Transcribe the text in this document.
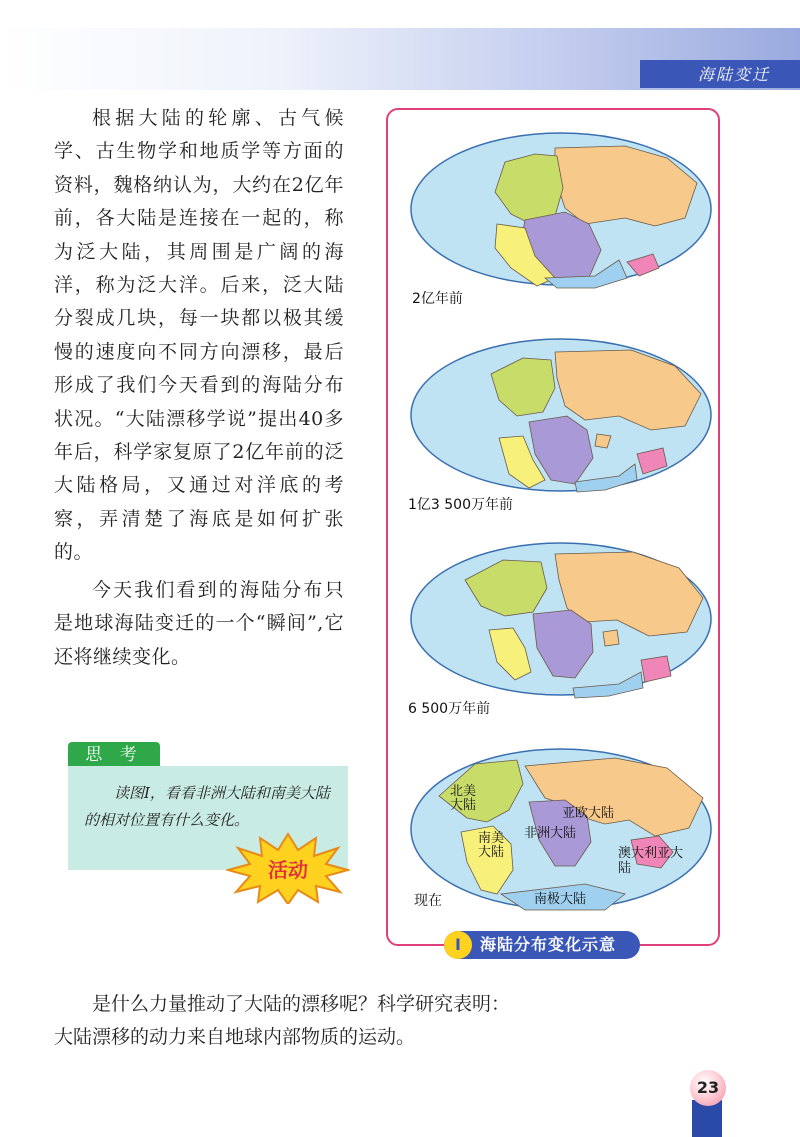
海陆变迁

根据大陆的轮廓、古气候学、古生物学和地质学等方面的资料，魏格纳认为，大约在2亿年前，各大陆是连接在一起的，称为泛大陆，其周围是广阔的海洋，称为泛大洋。后来，泛大陆分裂成几块，每一块都以极其缓慢的速度向不同方向漂移，最后形成了我们今天看到的海陆分布状况。“大陆漂移学说”提出40多年后，科学家复原了2亿年前的泛大陆格局，又通过对洋底的考察，弄清楚了海底是如何扩张的。

今天我们看到的海陆分布只是地球海陆变迁的一个“瞬间”,它还将继续变化。

思 考
读图I，看看非洲大陆和南美大陆的相对位置有什么变化。
活动
2亿年前
1亿3 500万年前
6 500万年前
北美大陆
亚欧大陆
非洲大陆
南美大陆	澳大利亚大陆
南极大陆
现在
I	海陆分布变化示意

是什么力量推动了大陆的漂移呢？科学研究表明：大陆漂移的动力来自地球内部物质的运动。

23
